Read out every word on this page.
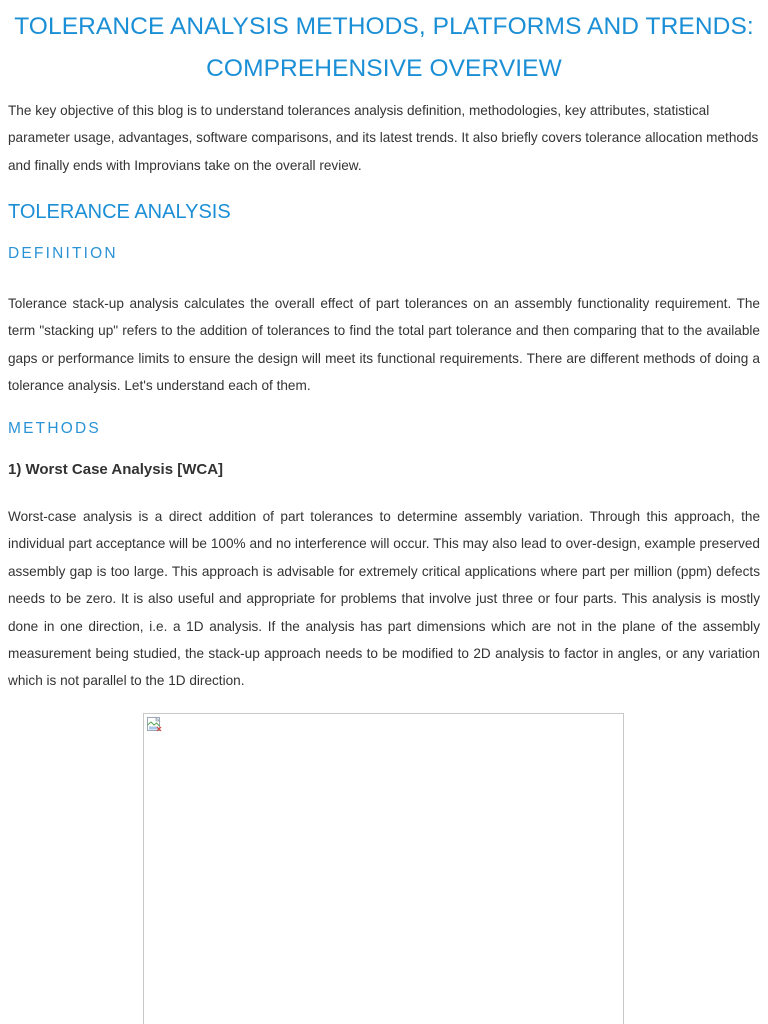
TOLERANCE ANALYSIS METHODS, PLATFORMS AND TRENDS: COMPREHENSIVE OVERVIEW

The key objective of this blog is to understand tolerances analysis definition, methodologies, key attributes, statistical parameter usage, advantages, software comparisons, and its latest trends. It also briefly covers tolerance allocation methods and finally ends with Improvians take on the overall review.

TOLERANCE ANALYSIS
DEFINITION

Tolerance stack-up analysis calculates the overall effect of part tolerances on an assembly functionality requirement. The term "stacking up" refers to the addition of tolerances to find the total part tolerance and then comparing that to the available gaps or performance limits to ensure the design will meet its functional requirements. There are different methods of doing a tolerance analysis. Let's understand each of them.

METHODS
1) Worst Case Analysis [WCA]

Worst-case analysis is a direct addition of part tolerances to determine assembly variation. Through this approach, the individual part acceptance will be 100% and no interference will occur. This may also lead to over-design, example preserved assembly gap is too large. This approach is advisable for extremely critical applications where part per million (ppm) defects needs to be zero. It is also useful and appropriate for problems that involve just three or four parts. This analysis is mostly done in one direction, i.e. a 1D analysis. If the analysis has part dimensions which are not in the plane of the assembly measurement being studied, the stack-up approach needs to be modified to 2D analysis to factor in angles, or any variation which is not parallel to the 1D direction.
